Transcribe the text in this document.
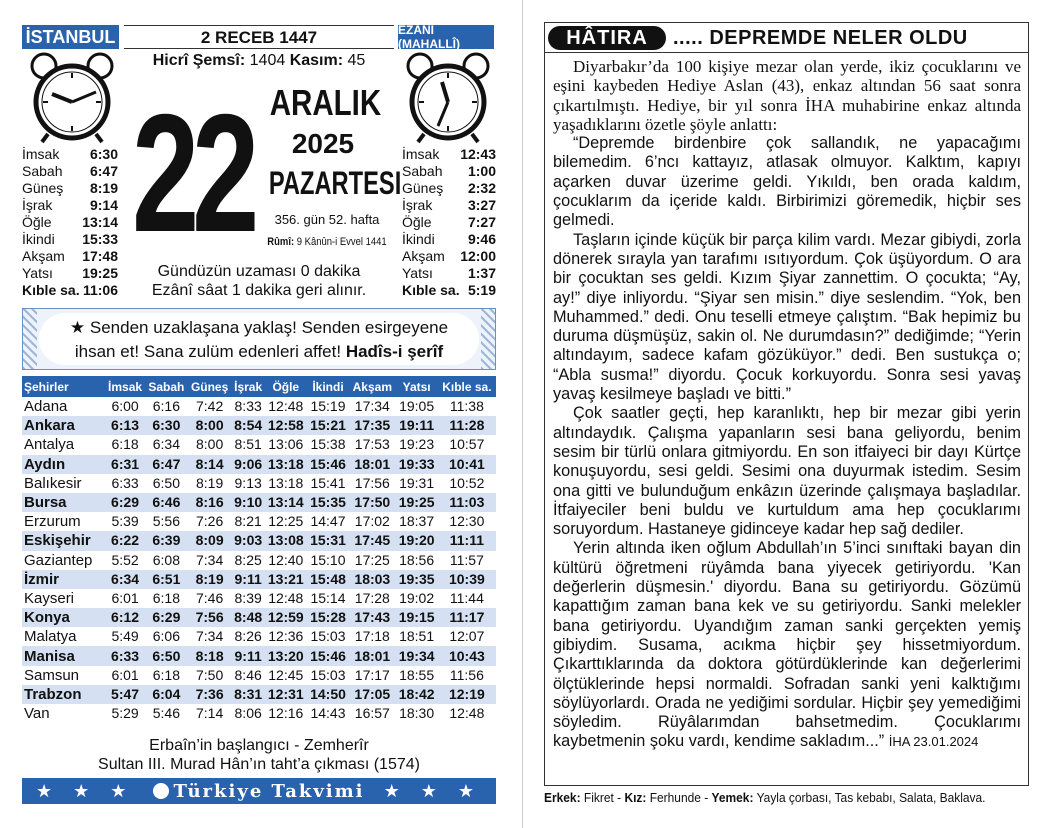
İSTANBUL	EZÂNÎ (MAHALLÎ)
2 RECEB 1447
Hicrî Şemsî: 1404 Kasım: 45
22 ARALIK
2025
PAZARTESI
356. gün 52. hafta
Rûmî: 9 Kânûn-i Evvel 1441
İmsak 6:30
Sabah 6:47
Güneş 8:19
İşrak	9:14
Öğle 13:14
İkindi 15:33
Akşam 17:48
Yatsı 19:25
Kıble sa. 11:06
İmsak 12:43
Sabah 1:00
Güneş 2:32
İşrak	3:27
Öğle	7:27
İkindi 9:46
Akşam 12:00
Yatsı	1:37
Kıble sa. 5:19
Gündüzün uzaması 0 dakika
Ezânî sâat 1 dakika geri alınır.
★ Senden uzaklaşana yaklaş! Senden esirgeyene
ihsan et! Sana zulüm edenleri affet! Hadîs-i şerîf
Şehirler	İmsak	Sabah	Güneş	İşrak	Öğle	İkindi	Akşam	Yatsı	Kıble sa.
Adana	6:00	6:16	7:42	8:33	12:48	15:19	17:34	19:05	11:38
Ankara	6:13	6:30	8:00	8:54	12:58	15:21	17:35	19:11	11:28
Antalya	6:18	6:34	8:00	8:51	13:06	15:38	17:53	19:23	10:57
Aydın	6:31	6:47	8:14	9:06	13:18	15:46	18:01	19:33	10:41
Balıkesir	6:33	6:50	8:19	9:13	13:18	15:41	17:56	19:31	10:52
Bursa	6:29	6:46	8:16	9:10	13:14	15:35	17:50	19:25	11:03
Erzurum	5:39	5:56	7:26	8:21	12:25	14:47	17:02	18:37	12:30
Eskişehir	6:22	6:39	8:09	9:03	13:08	15:31	17:45	19:20	11:11
Gaziantep	5:52	6:08	7:34	8:25	12:40	15:10	17:25	18:56	11:57
İzmir	6:34	6:51	8:19	9:11	13:21	15:48	18:03	19:35	10:39
Kayseri	6:01	6:18	7:46	8:39	12:48	15:14	17:28	19:02	11:44
Konya	6:12	6:29	7:56	8:48	12:59	15:28	17:43	19:15	11:17
Malatya	5:49	6:06	7:34	8:26	12:36	15:03	17:18	18:51	12:07
Manisa	6:33	6:50	8:18	9:11	13:20	15:46	18:01	19:34	10:43
Samsun	6:01	6:18	7:50	8:46	12:45	15:03	17:17	18:55	11:56
Trabzon	5:47	6:04	7:36	8:31	12:31	14:50	17:05	18:42	12:19
Van	5:29	5:46	7:14	8:06	12:16	14:43	16:57	18:30	12:48
Erbaîn’in başlangıcı - Zemherîr
Sultan III. Murad Hân’ın taht’a çıkması (1574)
★ ★ ★ Türkiye Takvimi ★ ★ ★
HÂTIRA	..... DEPREMDE NELER OLDU

Diyarbakır’da 100 kişiye mezar olan yerde, ikiz çocuklarını ve eşini kaybeden Hediye Aslan (43), enkaz altından 56 saat sonra çıkartılmıştı. Hediye, bir yıl sonra İHA muhabirine enkaz altında yaşadıklarını özetle şöyle anlattı:

“Depremde birdenbire çok sallandık, ne yapacağımı bilemedim. 6’ncı kattayız, atlasak olmuyor. Kalktım, kapıyı açarken duvar üzerime geldi. Yıkıldı, ben orada kaldım, çocuklarım da içeride kaldı. Birbirimizi göremedik, hiçbir ses gelmedi.

Taşların içinde küçük bir parça kilim vardı. Mezar gibiydi, zorla dönerek sırayla yan tarafımı ısıtıyordum. Çok üşüyordum. O ara bir çocuktan ses geldi. Kızım Şiyar zannettim. O çocukta; “Ay, ay!” diye inliyordu. “Şiyar sen misin.” diye seslendim. “Yok, ben Muhammed.” dedi. Onu teselli etmeye çalıştım. “Bak hepimiz bu duruma düşmüşüz, sakin ol. Ne durumdasın?” dediğimde; “Yerin altındayım, sadece kafam gözüküyor.” dedi. Ben sustukça o; “Abla susma!” diyordu. Çocuk korkuyordu. Sonra sesi yavaş yavaş kesilmeye başladı ve bitti.”

Çok saatler geçti, hep karanlıktı, hep bir mezar gibi yerin altındaydık. Çalışma yapanların sesi bana geliyordu, benim sesim bir türlü onlara gitmiyordu. En son itfaiyeci bir dayı Kürtçe konuşuyordu, sesi geldi. Sesimi ona duyurmak istedim. Sesim ona gitti ve bulunduğum enkâzın üzerinde çalışmaya başladılar. İtfaiyeciler beni buldu ve kurtuldum ama hep çocuklarımı soruyordum. Hastaneye gidinceye kadar hep sağ dediler.

Yerin altında iken oğlum Abdullah’ın 5’inci sınıftaki bayan din kültürü öğretmeni rüyâmda bana yiyecek getiriyordu. 'Kan değerlerin düşmesin.' diyordu. Bana su getiriyordu. Gözümü kapattığım zaman bana kek ve su getiriyordu. Sanki melekler bana getiriyordu. Uyandığım zaman sanki gerçekten yemiş gibiydim. Susama, acıkma hiçbir şey hissetmiyordum. Çıkarttıklarında da doktora götürdüklerinde kan değerlerimi ölçtüklerinde hepsi normaldi. Sofradan sanki yeni kalktığımı söylüyorlardı. Orada ne yediğimi sordular. Hiçbir şey yemediğimi söyledim. Rüyâlarımdan bahsetmedim. Çocuklarımı kaybetmenin şoku vardı, kendime sakladım...” İHA 23.01.2024

Erkek: Fikret - Kız: Ferhunde - Yemek: Yayla çorbası, Tas kebabı, Salata, Baklava.
